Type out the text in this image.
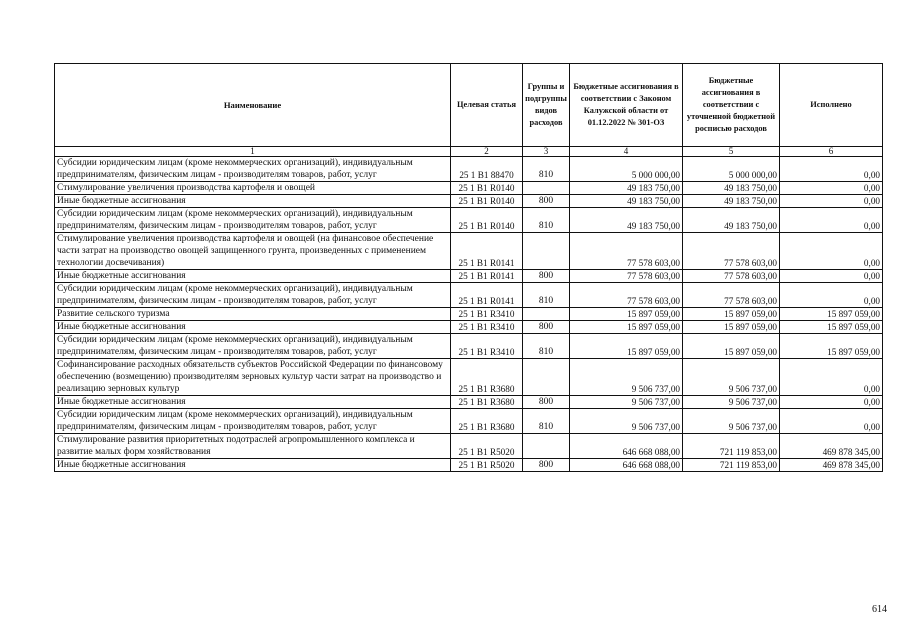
Наименование	Целевая статья	Группы и подгруппы видов расходов	Бюджетные ассигнования в соответствии с Законом Калужской области от 01.12.2022 № 301-ОЗ	Бюджетные ассигнования в соответствии с уточненной бюджетной росписью расходов	Исполнено
1	2	3	4	5	6
Субсидии юридическим лицам (кроме некоммерческих организаций), индивидуальным предпринимателям, физическим лицам - производителям товаров, работ, услуг	25 1 B1 88470	810	5 000 000,00	5 000 000,00	0,00
Стимулирование увеличения производства картофеля и овощей	25 1 B1 R0140		49 183 750,00	49 183 750,00	0,00
Иные бюджетные ассигнования	25 1 B1 R0140	800	49 183 750,00	49 183 750,00	0,00
Субсидии юридическим лицам (кроме некоммерческих организаций), индивидуальным предпринимателям, физическим лицам - производителям товаров, работ, услуг	25 1 B1 R0140	810	49 183 750,00	49 183 750,00	0,00
Стимулирование увеличения производства картофеля и овощей (на финансовое обеспечение части затрат на производство овощей защищенного грунта, произведенных с применением технологии досвечивания)	25 1 B1 R0141		77 578 603,00	77 578 603,00	0,00
Иные бюджетные ассигнования	25 1 B1 R0141	800	77 578 603,00	77 578 603,00	0,00
Субсидии юридическим лицам (кроме некоммерческих организаций), индивидуальным предпринимателям, физическим лицам - производителям товаров, работ, услуг	25 1 B1 R0141	810	77 578 603,00	77 578 603,00	0,00
Развитие сельского туризма	25 1 B1 R3410		15 897 059,00	15 897 059,00	15 897 059,00
Иные бюджетные ассигнования	25 1 B1 R3410	800	15 897 059,00	15 897 059,00	15 897 059,00
Субсидии юридическим лицам (кроме некоммерческих организаций), индивидуальным предпринимателям, физическим лицам - производителям товаров, работ, услуг	25 1 B1 R3410	810	15 897 059,00	15 897 059,00	15 897 059,00
Софинансирование расходных обязательств субъектов Российской Федерации по финансовому обеспечению (возмещению) производителям зерновых культур части затрат на производство и реализацию зерновых культур	25 1 B1 R3680		9 506 737,00	9 506 737,00	0,00
Иные бюджетные ассигнования	25 1 B1 R3680	800	9 506 737,00	9 506 737,00	0,00
Субсидии юридическим лицам (кроме некоммерческих организаций), индивидуальным предпринимателям, физическим лицам - производителям товаров, работ, услуг	25 1 B1 R3680	810	9 506 737,00	9 506 737,00	0,00
Стимулирование развития приоритетных подотраслей агропромышленного комплекса и развитие малых форм хозяйствования	25 1 B1 R5020		646 668 088,00	721 119 853,00	469 878 345,00
Иные бюджетные ассигнования	25 1 B1 R5020	800	646 668 088,00	721 119 853,00	469 878 345,00
614
